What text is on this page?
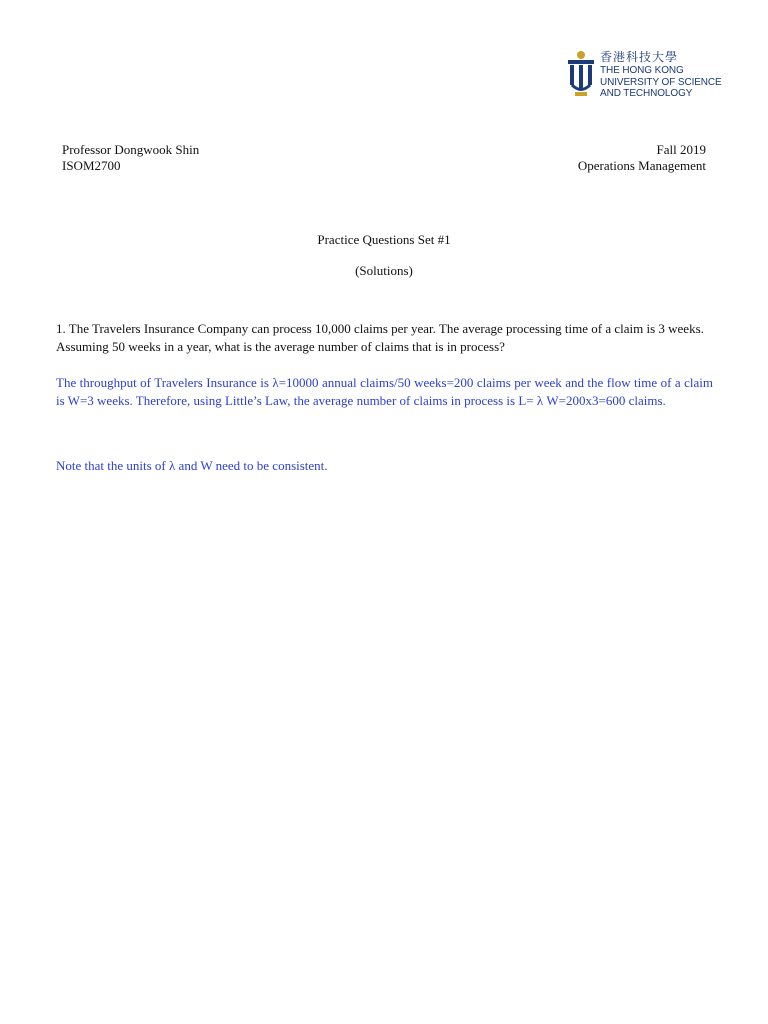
香港科技大學
THE HONG KONG
UNIVERSITY OF SCIENCE
AND TECHNOLOGY
Professor Dongwook Shin
ISOM2700
Fall 2019
Operations Management
Practice Questions Set #1
(Solutions)
1. The Travelers Insurance Company can process 10,000 claims per year. The average processing time of a claim is 3 weeks. Assuming 50 weeks in a year, what is the average number of claims that is in process?
The throughput of Travelers Insurance is λ=10000 annual claims/50 weeks=200 claims per week and the flow time of a claim is W=3 weeks. Therefore, using Little’s Law, the average number of claims in process is L= λ W=200x3=600 claims.
Note that the units of λ and W need to be consistent.
